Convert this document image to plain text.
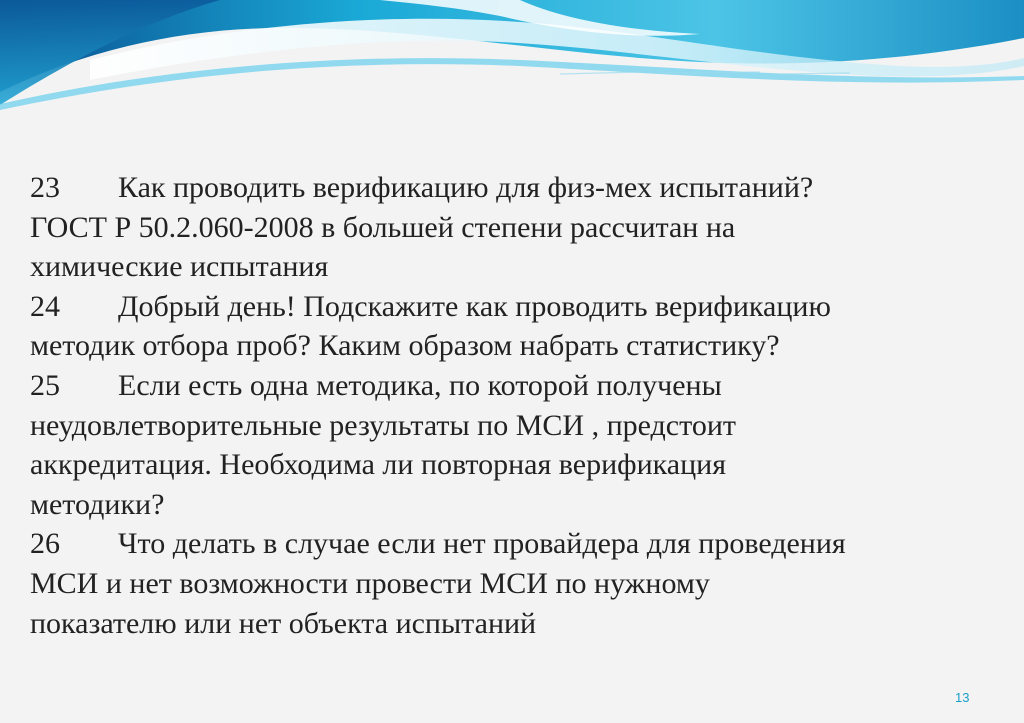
23 Как проводить верификацию для физ-мех испытаний?
ГОСТ Р 50.2.060-2008 в большей степени рассчитан на
химические испытания
24 Добрый день! Подскажите как проводить верификацию
методик отбора проб? Каким образом набрать статистику?
25 Если есть одна методика, по которой получены
неудовлетворительные результаты по МСИ , предстоит
аккредитация. Необходима ли повторная верификация
методики?
26 Что делать в случае если нет провайдера для проведения
МСИ и нет возможности провести МСИ по нужному
показателю или нет объекта испытаний
13
